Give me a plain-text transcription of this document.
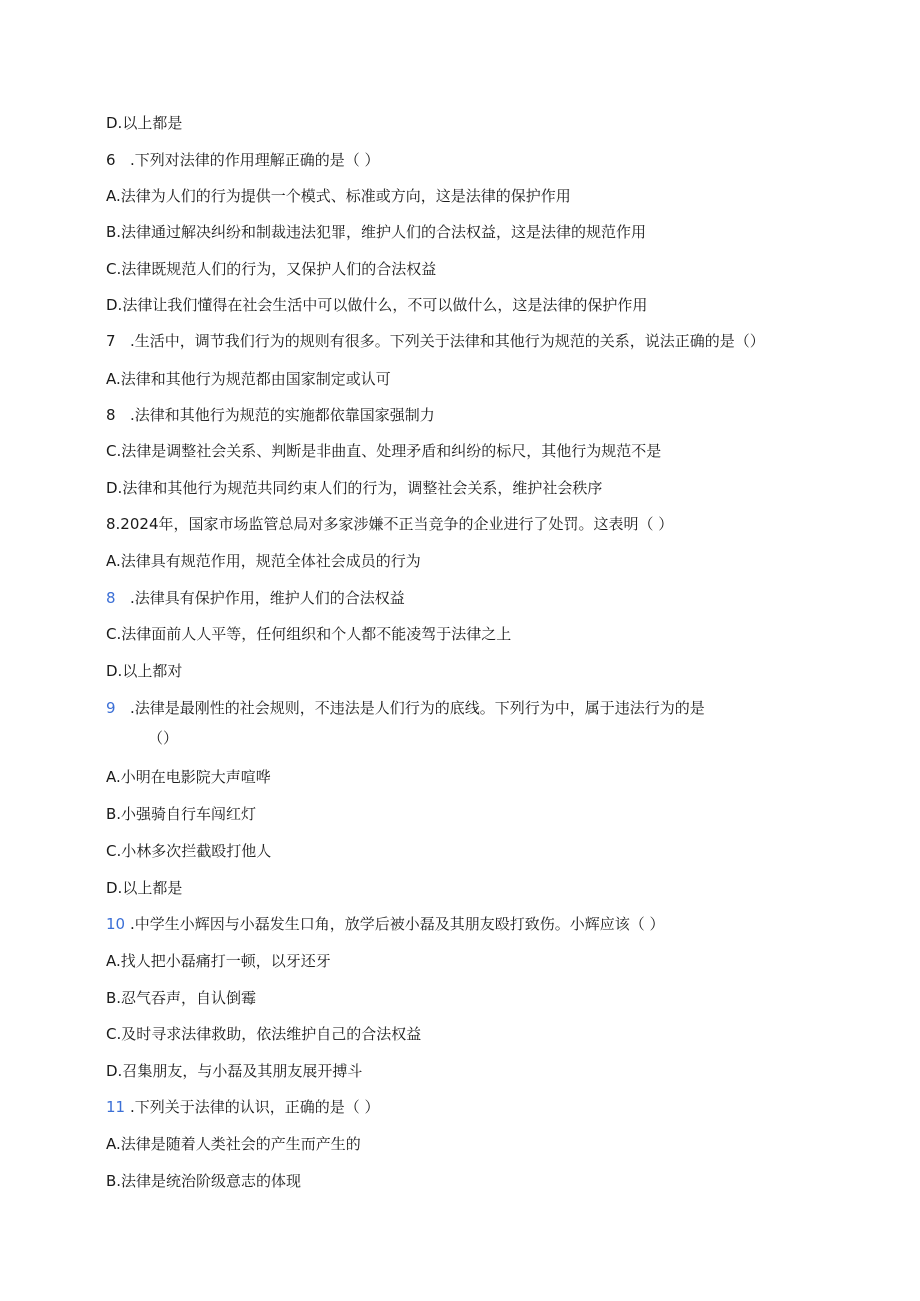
D.以上都是
6 .下列对法律的作用理解正确的是（ ）
A.法律为人们的行为提供一个模式、标准或方向，这是法律的保护作用
B.法律通过解决纠纷和制裁违法犯罪，维护人们的合法权益，这是法律的规范作用
C.法律既规范人们的行为，又保护人们的合法权益
D.法律让我们懂得在社会生活中可以做什么，不可以做什么，这是法律的保护作用
7 .生活中，调节我们行为的规则有很多。下列关于法律和其他行为规范的关系，说法正确的是（）
A.法律和其他行为规范都由国家制定或认可
8 .法律和其他行为规范的实施都依靠国家强制力
C.法律是调整社会关系、判断是非曲直、处理矛盾和纠纷的标尺，其他行为规范不是
D.法律和其他行为规范共同约束人们的行为，调整社会关系，维护社会秩序
8.2024年，国家市场监管总局对多家涉嫌不正当竞争的企业进行了处罚。这表明（ ）
A.法律具有规范作用，规范全体社会成员的行为
8 .法律具有保护作用，维护人们的合法权益
C.法律面前人人平等，任何组织和个人都不能凌驾于法律之上
D.以上都对
9 .法律是最刚性的社会规则，不违法是人们行为的底线。下列行为中，属于违法行为的是
（）
A.小明在电影院大声喧哗
B.小强骑自行车闯红灯
C.小林多次拦截殴打他人
D.以上都是
10 .中学生小辉因与小磊发生口角，放学后被小磊及其朋友殴打致伤。小辉应该（ ）
A.找人把小磊痛打一顿，以牙还牙
B.忍气吞声，自认倒霉
C.及时寻求法律救助，依法维护自己的合法权益
D.召集朋友，与小磊及其朋友展开搏斗
11 .下列关于法律的认识，正确的是（ ）
A.法律是随着人类社会的产生而产生的
B.法律是统治阶级意志的体现
